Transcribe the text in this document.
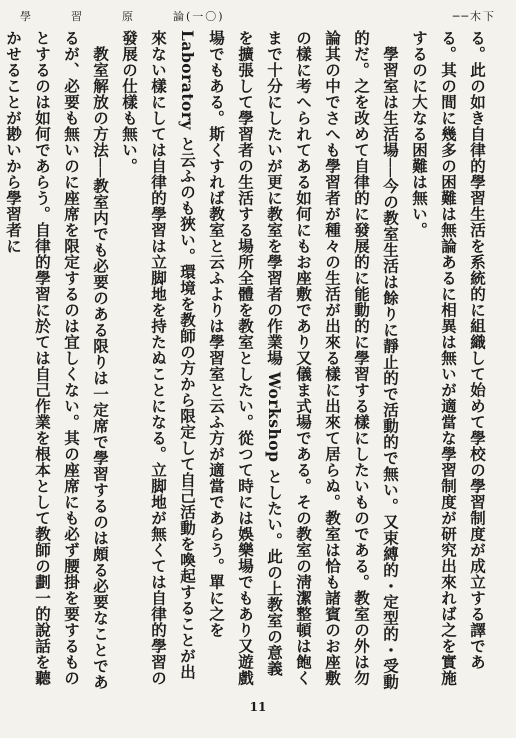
學	習	原	論(一〇)	──木下

る。此の如き自律的學習生活を系統的に組織して始めて學校の學習制度が成立する譯である。其の間に幾多の困難は無論あるに相異は無いが適當な學習制度が研究出來れば之を實施するのに大なる困難は無い。

學習室は生活場──今の教室生活は餘りに靜止的で活動的で無い。又束縛的・定型的・受動的だ。之を改めて自律的に發展的に能動的に學習する樣にしたいものである。教室の外は勿論其の中でさへも學習者が種々の生活が出來る樣に出來て居らぬ。教室は恰も諸賓のお座敷の樣に考へられてある如何にもお座敷であり又儀ま式場である。その教室の淸潔整頓は飽くまで十分にしたいが更に教室を學習者の作業場 Workshop としたい。此の上教室の意義を擴張して學習者の生活する場所全體を教室としたい。從つて時には娛樂場でもあり又遊戲場でもある。斯くすれば教室と云ふよりは學習室と云ふ方が適當であらう。單に之を Laboratory と云ふのも狹い。環境を教師の方から限定して自己活動を喚起することが出來ない樣にしては自律的學習は立脚地を持たぬことになる。立脚地が無くては自律的學習の發展の仕樣も無い。

教室解放の方法──教室内でも必要のある限りは一定席で學習するのは頗る必要なことであるが、必要も無いのに座席を限定するのは宜しくない。其の座席にも必ず腰掛を要するものとするのは如何であらう。自律的學習に於ては自己作業を根本として教師の劃一的說話を聽かせることが尠いから學習者に

11
